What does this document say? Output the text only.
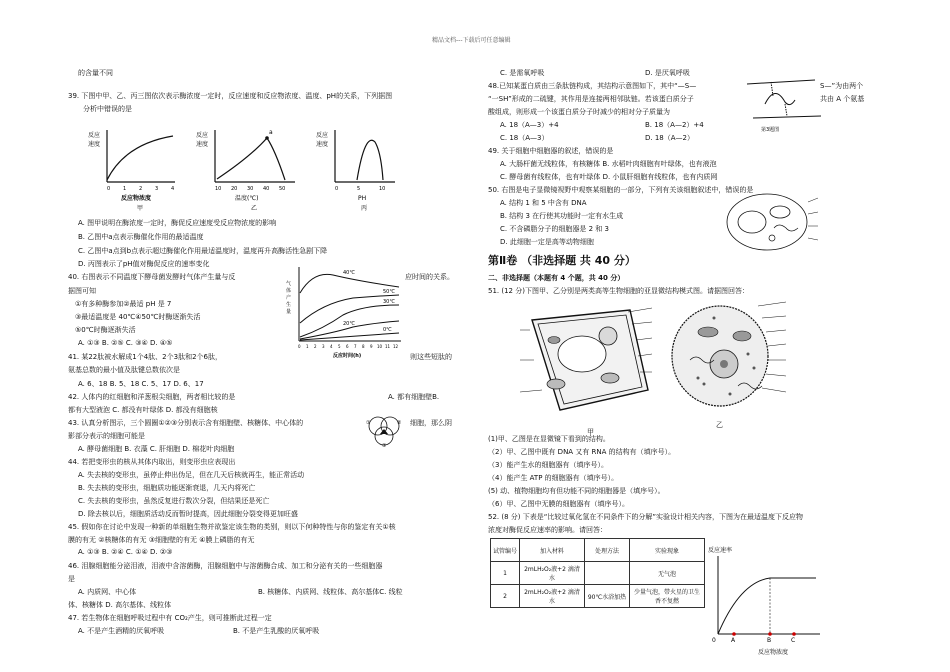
精品文档---下载后可任意编辑
的含量不同
39. 下图中甲、乙、丙三图依次表示酶浓度一定时，反应速度和反应物浓度、温度、pH的关系，下列据图
分析中错误的是
反应
速度
0	1	2	3	4
反应物浓度
甲
a
反应
速度
10 20 30 40 50
温度(℃)
乙
反应
速度
0	5	10
PH
丙
A. 图甲说明在酶浓度一定时，酶促反应速度受反应物浓度的影响
B. 乙图中a点表示酶催化作用的最适温度
C. 乙图中a点到b点表示超过酶催化作用最适温度时，温度再升高酶活性急剧下降
D. 丙图表示了pH值对酶促反应的速率变化
40. 右图表示不同温度下酵母菌发酵时气体产生量与反	应时间的关系。
据图可知
①有多种酶参加②最适 pH 是 7
③最适温度是 40℃④50℃时酶逐渐失活
⑤0℃时酶逐渐失活
A. ①③ B. ②⑤ C. ③④ D. ④⑤
40℃
50℃
30℃
20℃
0℃
气
体
产
生
量
0 1 2 3 4 5 6 7 8 9 10 11 12
反应时间(h)
41. 某22肽被水解成1个4肽、2个3肽和2个6肽，	则这些短肽的
氨基总数的最小值及肽键总数依次是
A. 6、18 B. 5、18 C. 5、17 D. 6、17
42. 人体内的红细胞和洋葱根尖细胞，两者相比较的是	A. 都有细胞壁B.
都有大型液泡 C. 都没有叶绿体 D. 都没有细胞核
43. 认真分析图示，三个圆圈①②③分别表示含有细胞壁、核糖体、中心体的	细胞，那么阴
影部分表示的细胞可能是
A. 酵母菌细胞 B. 衣藻 C. 肝细胞 D. 棉花叶肉细胞
①	②
③
44. 若把变形虫的核从其体内取出，则变形虫应表现出
A. 失去核的变形虫，虽停止伸出伪足，但在几天后核就再生，能正常活动
B. 失去核的变形虫，细胞质功能逐渐衰退，几天内将死亡
C. 失去核的变形虫，虽然反复进行数次分裂，但结果还是死亡
D. 除去核以后，细胞质活动反而暂时提高，因此细胞分裂变得更加旺盛
45. 假如你在讨论中发现一种新的单细胞生物并欲鉴定该生物的类别，则以下何种特性与你的鉴定有关①核
膜的有无 ②核糖体的有无 ③细胞壁的有无 ④膜上磷脂的有无
A. ①③ B. ②④ C. ①④ D. ②③
46. 泪腺细胞能分泌泪液，泪液中含溶菌酶，泪腺细胞中与溶菌酶合成、加工和分泌有关的一些细胞器
是
A. 内质网、中心体	B. 核糖体、内质网、线粒体、高尔基体C. 线粒
体、核糖体 D. 高尔基体、线粒体
47. 若生物体在细胞呼吸过程中有 CO₂产生，则可推断此过程一定
A. 不是产生酒精的厌氧呼吸	B. 不是产生乳酸的厌氧呼吸
C. 是需氧呼吸	D. 是厌氧呼吸
48.已知某蛋白质由三条肽链构成，其结构示意图如下，其中“—S—	S—”为由两个
“一SH”形成的二硫键，其作用是连接两相邻肽链。若该蛋白质分子	共由 A 个氨基
酸组成，则形成一个该蛋白质分子时减少的相对分子质量为
A. 18（A—3）+4	B. 18（A—2）+4
C. 18（A—3）	D. 18（A—2）
第3题图
49. 关于细胞中细胞器的叙述，错误的是
A. 大肠杆菌无线粒体，有核糖体 B. 水稻叶肉细胞有叶绿体，也有液泡
C. 酵母菌有线粒体，也有叶绿体 D. 小鼠肝细胞有线粒体，也有内质网
50. 右图是电子显微镜视野中观察某细胞的一部分，下列有关该细胞叙述中，错误的是
A. 结构 1 和 5 中含有 DNA
B. 结构 3 在行使其功能时一定有水生成
C. 不含磷脂分子的细胞器是 2 和 3
D. 此细胞一定是高等动物细胞
第Ⅱ卷 （非选择题 共 40 分）
二、非选择题（本题有 4 个题，共 40 分）
51. (12 分)下图甲、乙分别是两类高等生物细胞的亚显微结构模式图。请据图回答：
甲
乙
(1)甲、乙图是在显微镜下看到的结构。
（2）甲、乙图中既有 DNA 又有 RNA 的结构有（填序号）。
（3）能产生水的细胞器有（填序号）。
（4）能产生 ATP 的细胞器有（填序号）。
(5) 动、植物细胞均有但功能不同的细胞器是（填序号）。
（6）甲、乙图中无膜的细胞器有（填序号）。
52. (8 分) 下表是“比较过氧化氢在不同条件下的分解”实验设计相关内容，下图为在最适温度下反应物
浓度对酶促反应速率的影响。请回答：
试管编号	加入材料	处理方法	实验现象
1	2mLH₂O₂液+2 滴清水		无气泡
2	2mLH₂O₂液+2 滴清水	90℃水浴加热	少量气泡，带火星的卫生香不复燃
反应速率
0	A	B	C
反应物浓度
